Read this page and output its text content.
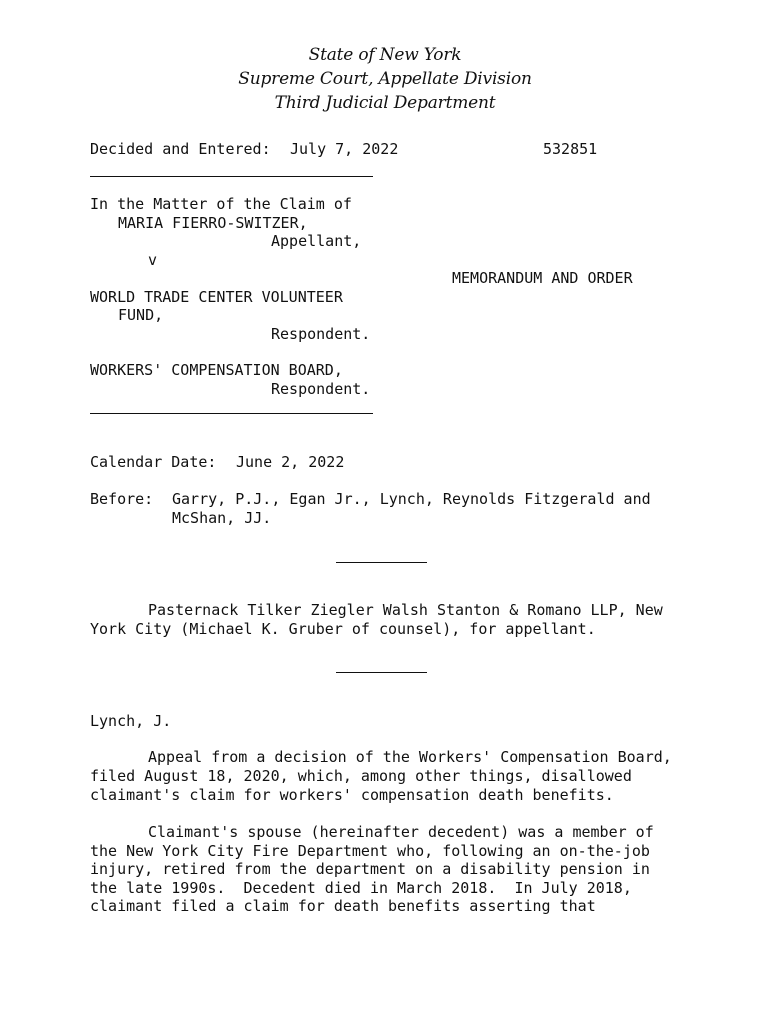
State of New York
Supreme Court, Appellate Division
Third Judicial Department
Decided and Entered: July 7, 2022	532851
In the Matter of the Claim of
MARIA FIERRO-SWITZER,
Appellant,
v
MEMORANDUM AND ORDER
WORLD TRADE CENTER VOLUNTEER
FUND,
Respondent.
WORKERS' COMPENSATION BOARD,
Respondent.
Calendar Date: June 2, 2022
Before: Garry, P.J., Egan Jr., Lynch, Reynolds Fitzgerald and
McShan, JJ.
Pasternack Tilker Ziegler Walsh Stanton & Romano LLP, New
York City (Michael K. Gruber of counsel), for appellant.
Lynch, J.
Appeal from a decision of the Workers' Compensation Board,
filed August 18, 2020, which, among other things, disallowed
claimant's claim for workers' compensation death benefits.
Claimant's spouse (hereinafter decedent) was a member of
the New York City Fire Department who, following an on-the-job
injury, retired from the department on a disability pension in
the late 1990s.  Decedent died in March 2018.  In July 2018,
claimant filed a claim for death benefits asserting that
